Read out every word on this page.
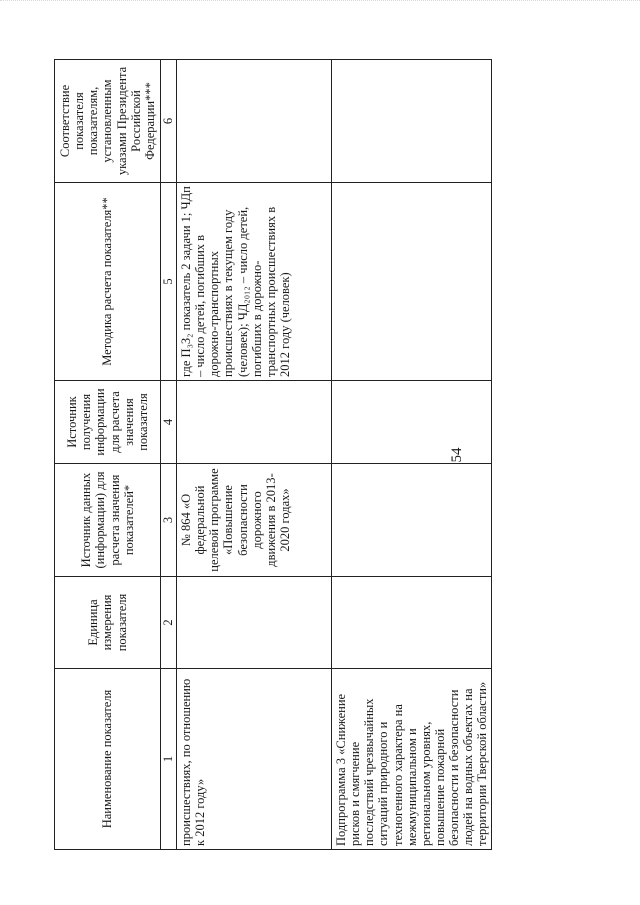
54
Наименование показателя	Единица измерения показателя	Источник данных (информации) для расчета значения показателей*	Источник получения информации для расчета значения показателя	Методика расчета показателя**	Соответствие показателя показателям, установленным указами Президента Российской Федерации***
1	2	3	4	5	6
происшествиях, по отношению к 2012 году»		№ 864 «О федеральной целевой программе «Повышение безопасности дорожного движения в 2013-2020 годах»		где П₃З₂ показатель 2 задачи 1; ЧДп – число детей, погибших в дорожно-транспортных происшествиях в текущем году (человек); ЧД₂₀₁₂ – число детей, погибших в дорожно-транспортных происшествиях в 2012 году (человек)	
Подпрограмма 3 «Снижение рисков и смягчение последствий чрезвычайных ситуаций природного и техногенного характера на межмуниципальном и региональном уровнях, повышение пожарной безопасности и безопасности людей на водных объектах на территории Тверской области»					
